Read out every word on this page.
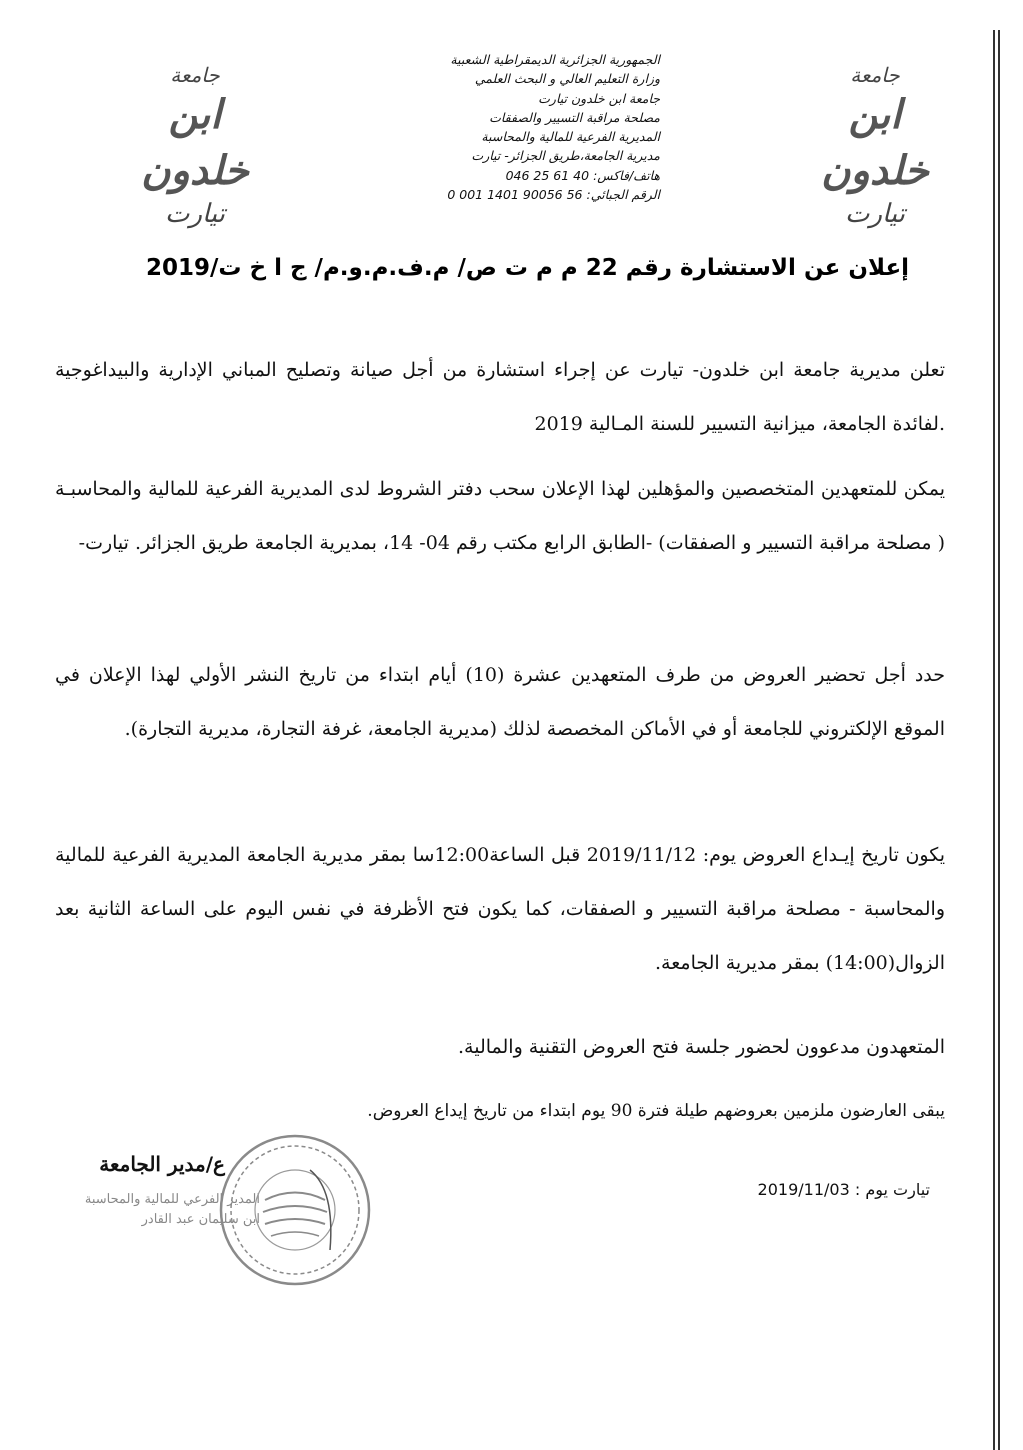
جامعة
ابن خلدون
تيارت
جامعة
ابن خلدون
تيارت
الجمهورية الجزائرية الديمقراطية الشعبية
وزارة التعليم العالي و البحث العلمي
جامعة ابن خلدون تيارت
مصلحة مراقبة التسيير والصفقات
المديرية الفرعية للمالية والمحاسبة
مديرية الجامعة،طريق الجزائر- تيارت
هاتف/فاكس: 046 25 61 40
الرقم الجبائي: 0 001 1401 90056 56
إعلان عن الاستشارة رقم 22 م م ت ص/ م.ف.م.و.م/ ج ا خ ت/2019
تعلن مديرية جامعة ابن خلدون- تيارت عن إجراء استشارة من أجل صيانة وتصليح المباني الإدارية والبيداغوجية .لفائدة الجامعة، ميزانية التسيير للسنة المـالية 2019
يمكن للمتعهدين المتخصصين والمؤهلين لهذا الإعلان سحب دفتر الشروط لدى المديرية الفرعية للمالية والمحاسبـة ( مصلحة مراقبة التسيير و الصفقات) -الطابق الرابع مكتب رقم 04- 14، بمديرية الجامعة طريق الجزائر. تيارت-
حدد أجل تحضير العروض من طرف المتعهدين عشرة (10) أيام ابتداء من تاريخ النشر الأولي لهذا الإعلان في الموقع الإلكتروني للجامعة أو في الأماكن المخصصة لذلك (مديرية الجامعة، غرفة التجارة، مديرية التجارة).
يكون تاريخ إيـداع العروض يوم: 2019/11/12 قبل الساعة12:00سا بمقر مديرية الجامعة المديرية الفرعية للمالية والمحاسبة - مصلحة مراقبة التسيير و الصفقات، كما يكون فتح الأظرفة في نفس اليوم على الساعة الثانية بعد الزوال(14:00) بمقر مديرية الجامعة.
المتعهدون مدعوون لحضور جلسة فتح العروض التقنية والمالية.
يبقى العارضون ملزمين بعروضهم طيلة فترة 90 يوم ابتداء من تاريخ إيداع العروض.
تيارت يوم : 2019/11/03
ع/مدير الجامعة
المدير الفرعي للمالية والمحاسبة
ابن سليمان عبد القادر
